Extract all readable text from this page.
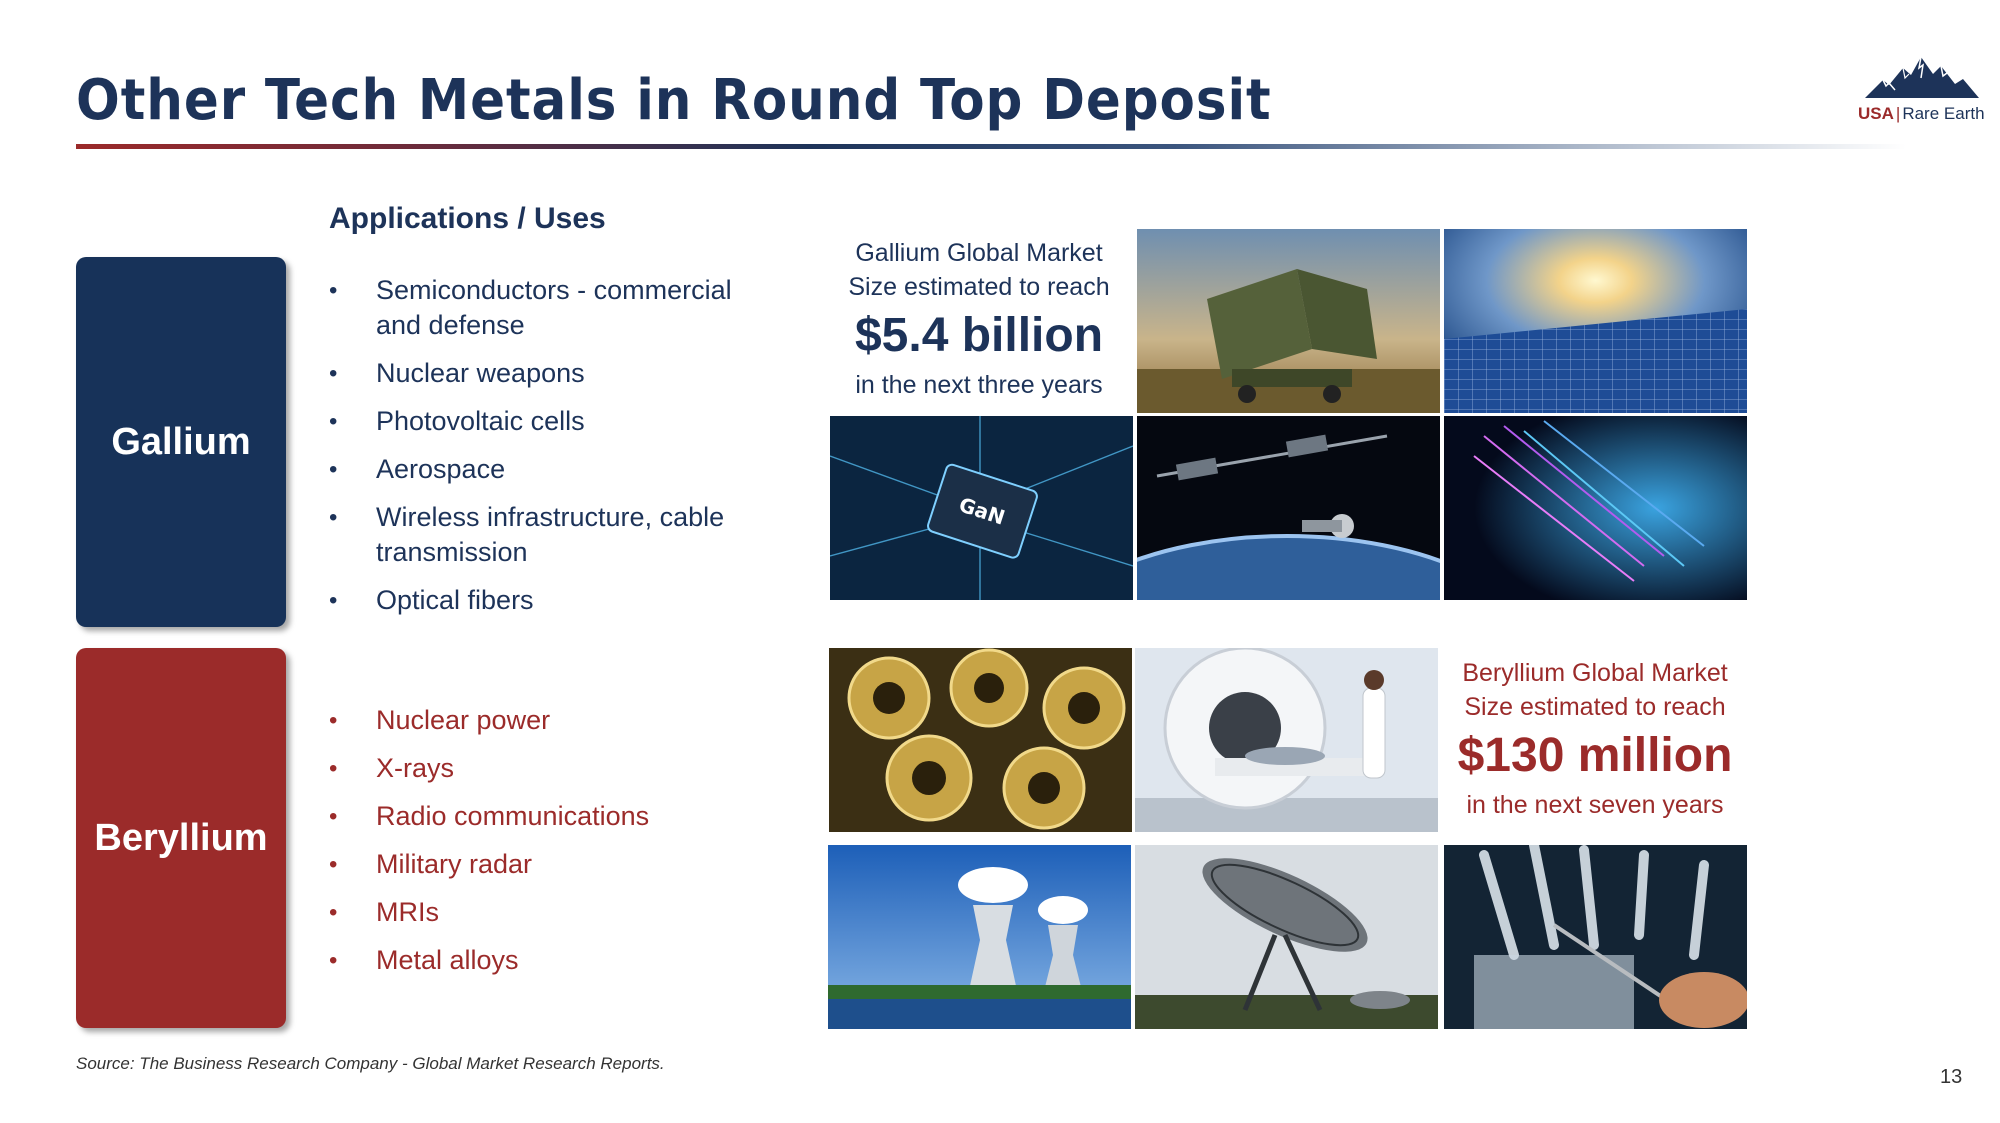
Other Tech Metals in Round Top Deposit	USA | Rare Earth
Gallium
Beryllium
Applications / Uses
• Semiconductors - commercial and defense
• Nuclear weapons
• Photovoltaic cells
• Aerospace
• Wireless infrastructure, cable transmission
• Optical fibers
• Nuclear power
• X-rays
• Radio communications
• Military radar
• MRIs
• Metal alloys
Gallium Global Market
Size estimated to reach
$5.4 billion
in the next three years
Beryllium Global Market
Size estimated to reach
$130 million
in the next seven years
GaN
Source: The Business Research Company - Global Market Research Reports.
13
